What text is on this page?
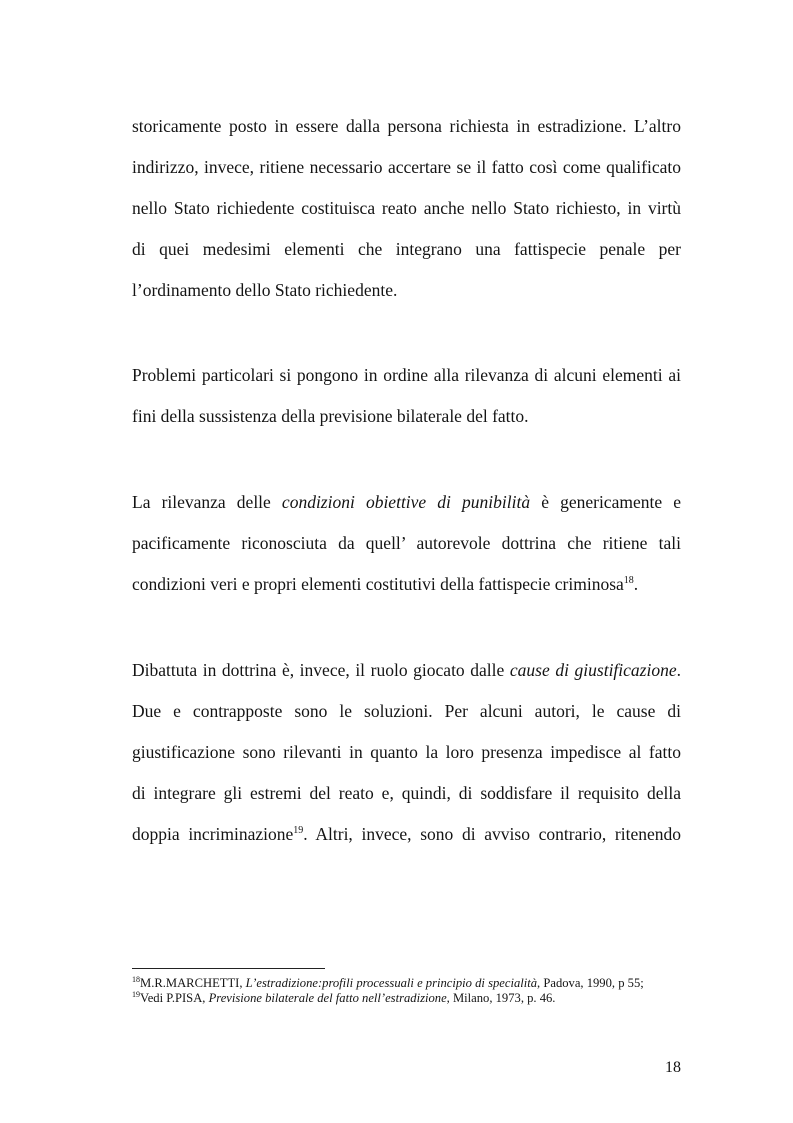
storicamente posto in essere dalla persona richiesta in estradizione. L’altro
indirizzo, invece, ritiene necessario accertare se il fatto così come qualificato
nello Stato richiedente costituisca reato anche nello Stato richiesto, in virtù
di quei medesimi elementi che integrano una fattispecie penale per
l’ordinamento dello Stato richiedente.
Problemi particolari si pongono in ordine alla rilevanza di alcuni elementi ai
fini della sussistenza della previsione bilaterale del fatto.
La rilevanza delle condizioni obiettive di punibilità è genericamente e
pacificamente riconosciuta da quell’ autorevole dottrina che ritiene tali
condizioni veri e propri elementi costitutivi della fattispecie criminosa$^{18}$.
Dibattuta in dottrina è, invece, il ruolo giocato dalle cause di giustificazione.
Due e contrapposte sono le soluzioni. Per alcuni autori, le cause di
giustificazione sono rilevanti in quanto la loro presenza impedisce al fatto
di integrare gli estremi del reato e, quindi, di soddisfare il requisito della
doppia incriminazione$^{19}$. Altri, invece, sono di avviso contrario, ritenendo
$^{18}$M.R.MARCHETTI, L’estradizione:profili processuali e principio di specialità, Padova, 1990, p 55;
$^{19}$Vedi P.PISA, Previsione bilaterale del fatto nell’estradizione, Milano, 1973, p. 46.
18
